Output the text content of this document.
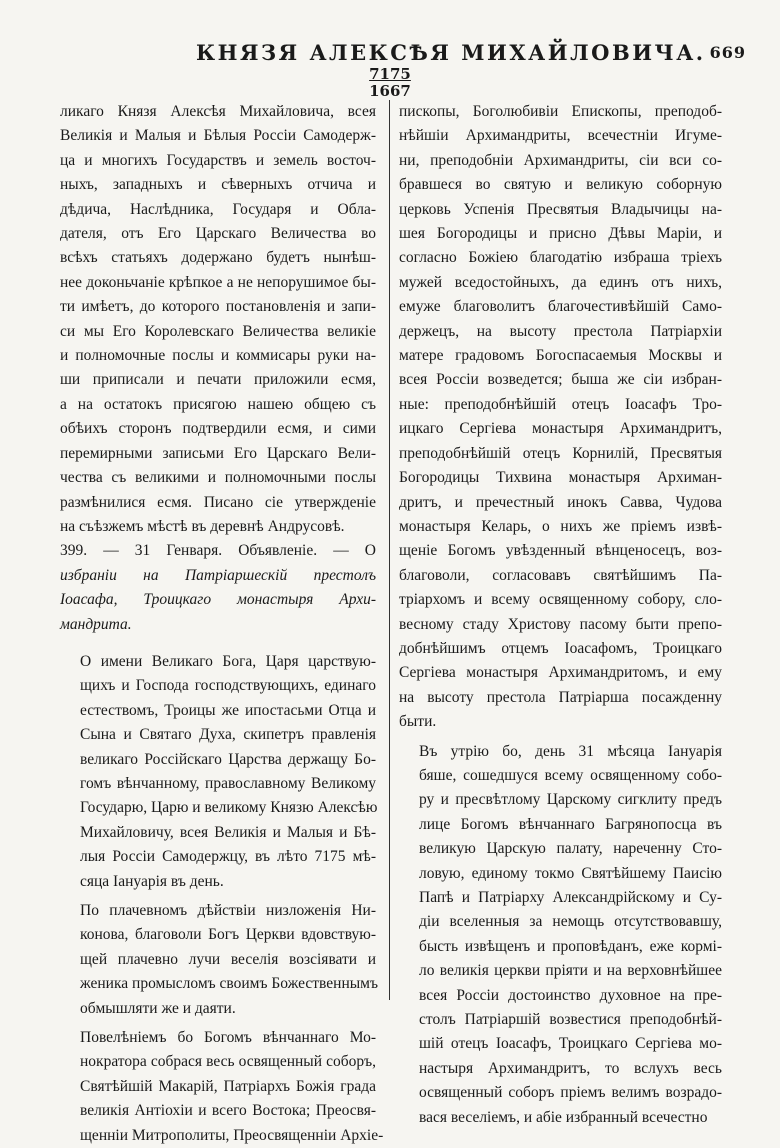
КНЯЗЯ АЛЕКСѢЯ МИХАЙЛОВИЧА. 669
7175
1667

ликаго Князя Алексѣя Михайловича, всея
Великія и Малыя и Бѣлыя Россіи Самодерж-
ца и многихъ Государствъ и земель восточ-
ныхъ, западныхъ и сѣверныхъ отчича и
дѣдича, Наслѣдника, Государя и Обла-
дателя, отъ Его Царскаго Величества во
всѣхъ статьяхъ додержано будетъ нынѣш-
нее доконьчаніе крѣпкое а не непорушимое бы-
ти имѣетъ, до которого постановленія и запи-
си мы Его Королевскаго Величества великіе
и полномочные послы и коммисары руки на-
ши приписали и печати приложили есмя,
а на остатокъ присягою нашею общею съ
обѣихъ сторонъ подтвердили есмя, и сими
перемирными записьми Его Царскаго Вели-
чества съ великими и полномочными послы
размѣнилися есмя. Писано сіе утвержденіе
на съѣзжемъ мѣстѣ въ деревнѣ Андрусовѣ.

399. — 31 Генваря. Объявленіе. — О
избраніи на Патріаршескій престолъ
Іоасафа, Троицкаго монастыря Архи-
мандрита.

О имени Великаго Бога, Царя царствую-
щихъ и Господа господствующихъ, единаго
естествомъ, Троицы же ипостасьми Отца и
Сына и Святаго Духа, скипетръ правленія
великаго Россійскаго Царства держащу Бо-
гомъ вѣнчанному, православному Великому
Государю, Царю и великому Князю Алексѣю
Михайловичу, всея Великія и Малыя и Бѣ-
лыя Россіи Самодержцу, въ лѣто 7175 мѣ-
сяца Іануарія въ день.

По плачевномъ дѣйствіи низложенія Ни-
конова, благоволи Богъ Церкви вдовствую-
щей плачевно лучи веселія возсіявати и
женика промысломъ своимъ Божественнымъ
обмышляти же и даяти.

Повелѣніемъ бо Богомъ вѣнчаннаго Мо-
нократора собрася весь освященный соборъ,
Святѣйшій Макарій, Патріархъ Божія града
великія Антіохіи и всего Востока; Преосвя-
щенніи Митрополиты, Преосвященніи Архіе-

пископы, Боголюбивіи Епископы, преподоб-
нѣйшіи Архимандриты, всечестніи Игуме-
ни, преподобніи Архимандриты, сіи вси со-
бравшеся во святую и великую соборную
церковь Успенія Пресвятыя Владычицы на-
шея Богородицы и присно Дѣвы Маріи, и
согласно Божіею благодатію избраша тріехъ
мужей вседостойныхъ, да единъ отъ нихъ,
емуже благоволитъ благочестивѣйшій Само-
держецъ, на высоту престола Патріархіи
матере градовомъ Богоспасаемыя Москвы и
всея Россіи возведется; быша же сіи избран-
ные: преподобнѣйшій отецъ Іоасафъ Тро-
ицкаго Сергіева монастыря Архимандритъ,
преподобнѣйшій отецъ Корнилій, Пресвятыя
Богородицы Тихвина монастыря Архиман-
дритъ, и пречестный инокъ Савва, Чудова
монастыря Келарь, о нихъ же пріемъ извѣ-
щеніе Богомъ увѣзденный вѣнценосецъ, воз-
благоволи, согласовавъ святѣйшимъ Па-
тріархомъ и всему освященному собору, сло-
весному стаду Христову пасому быти препо-
добнѣйшимъ отцемъ Іоасафомъ, Троицкаго
Сергіева монастыря Архимандритомъ, и ему
на высоту престола Патріаршa посажденну
быти.

Въ утрію бо, день 31 мѣсяца Іануарія
бяше, сошедшуся всему освященному собо-
ру и пресвѣтлому Царскому сигклиту предъ
лице Богомъ вѣнчаннаго Багрянопосца въ
великую Царскую палату, нареченну Сто-
ловую, единому токмо Святѣйшему Паисію
Папѣ и Патріарху Александрійскому и Су-
діи вселенныя за немощь отсутствовавшу,
бысть извѣщенъ и проповѣданъ, еже кормі-
ло великія церкви пріяти и на верховнѣйшее
всея Россіи достоинство духовное на пре-
столъ Патріаршій возвестися преподобнѣй-
шій отецъ Іоасафъ, Троицкаго Сергіева мо-
настыря Архимандритъ, то вслухъ весь
освященный соборъ пріемъ велимъ возрадо-
вася веселіемъ, и абіе избранный всечестно
